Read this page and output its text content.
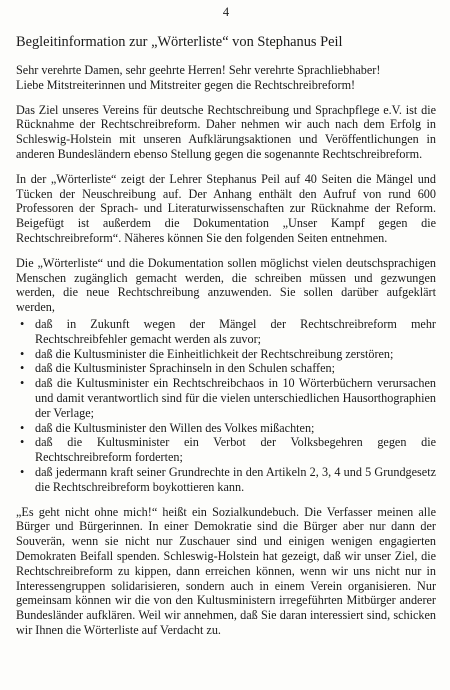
4
Begleitinformation zur „Wörterliste“ von Stephanus Peil

Sehr verehrte Damen, sehr geehrte Herren! Sehr verehrte Sprachliebhaber!

Liebe Mitstreiterinnen und Mitstreiter gegen die Rechtschreibreform!

Das Ziel unseres Vereins für deutsche Rechtschreibung und Sprachpflege e.V. ist die Rücknahme der Rechtschreibreform. Daher nehmen wir auch nach dem Erfolg in Schleswig-Holstein mit unseren Aufklärungsaktionen und Veröffentlichungen in anderen Bundesländern ebenso Stellung gegen die sogenannte Rechtschreibreform.

In der „Wörterliste“ zeigt der Lehrer Stephanus Peil auf 40 Seiten die Mängel und Tücken der Neuschreibung auf. Der Anhang enthält den Aufruf von rund 600 Professoren der Sprach- und Literaturwissenschaften zur Rücknahme der Reform. Beigefügt ist außerdem die Dokumentation „Unser Kampf gegen die Rechtschreibreform“. Näheres können Sie den folgenden Seiten entnehmen.

Die „Wörterliste“ und die Dokumentation sollen möglichst vielen deutschsprachigen Menschen zugänglich gemacht werden, die schreiben müssen und gezwungen werden, die neue Rechtschreibung anzuwenden. Sie sollen darüber aufgeklärt werden,

• daß in Zukunft wegen der Mängel der Rechtschreibreform mehr Rechtschreibfehler gemacht werden als zuvor;
• daß die Kultusminister die Einheitlichkeit der Rechtschreibung zerstören;
• daß die Kultusminister Sprachinseln in den Schulen schaffen;
• daß die Kultusminister ein Rechtschreibchaos in 10 Wörterbüchern verursachen und damit verantwortlich sind für die vielen unterschiedlichen Hausorthographien der Verlage;
• daß die Kultusminister den Willen des Volkes mißachten;
• daß die Kultusminister ein Verbot der Volksbegehren gegen die Rechtschreibreform forderten;
• daß jedermann kraft seiner Grundrechte in den Artikeln 2, 3, 4 und 5 Grundgesetz die Rechtschreibreform boykottieren kann.

„Es geht nicht ohne mich!“ heißt ein Sozialkundebuch. Die Verfasser meinen alle Bürger und Bürgerinnen. In einer Demokratie sind die Bürger aber nur dann der Souverän, wenn sie nicht nur Zuschauer sind und einigen wenigen engagierten Demokraten Beifall spenden. Schleswig-Holstein hat gezeigt, daß wir unser Ziel, die Rechtschreibreform zu kippen, dann erreichen können, wenn wir uns nicht nur in Interessengruppen solidarisieren, sondern auch in einem Verein organisieren. Nur gemeinsam können wir die von den Kultusministern irregeführten Mitbürger anderer Bundesländer aufklären. Weil wir annehmen, daß Sie daran interessiert sind, schicken wir Ihnen die Wörterliste auf Verdacht zu.
